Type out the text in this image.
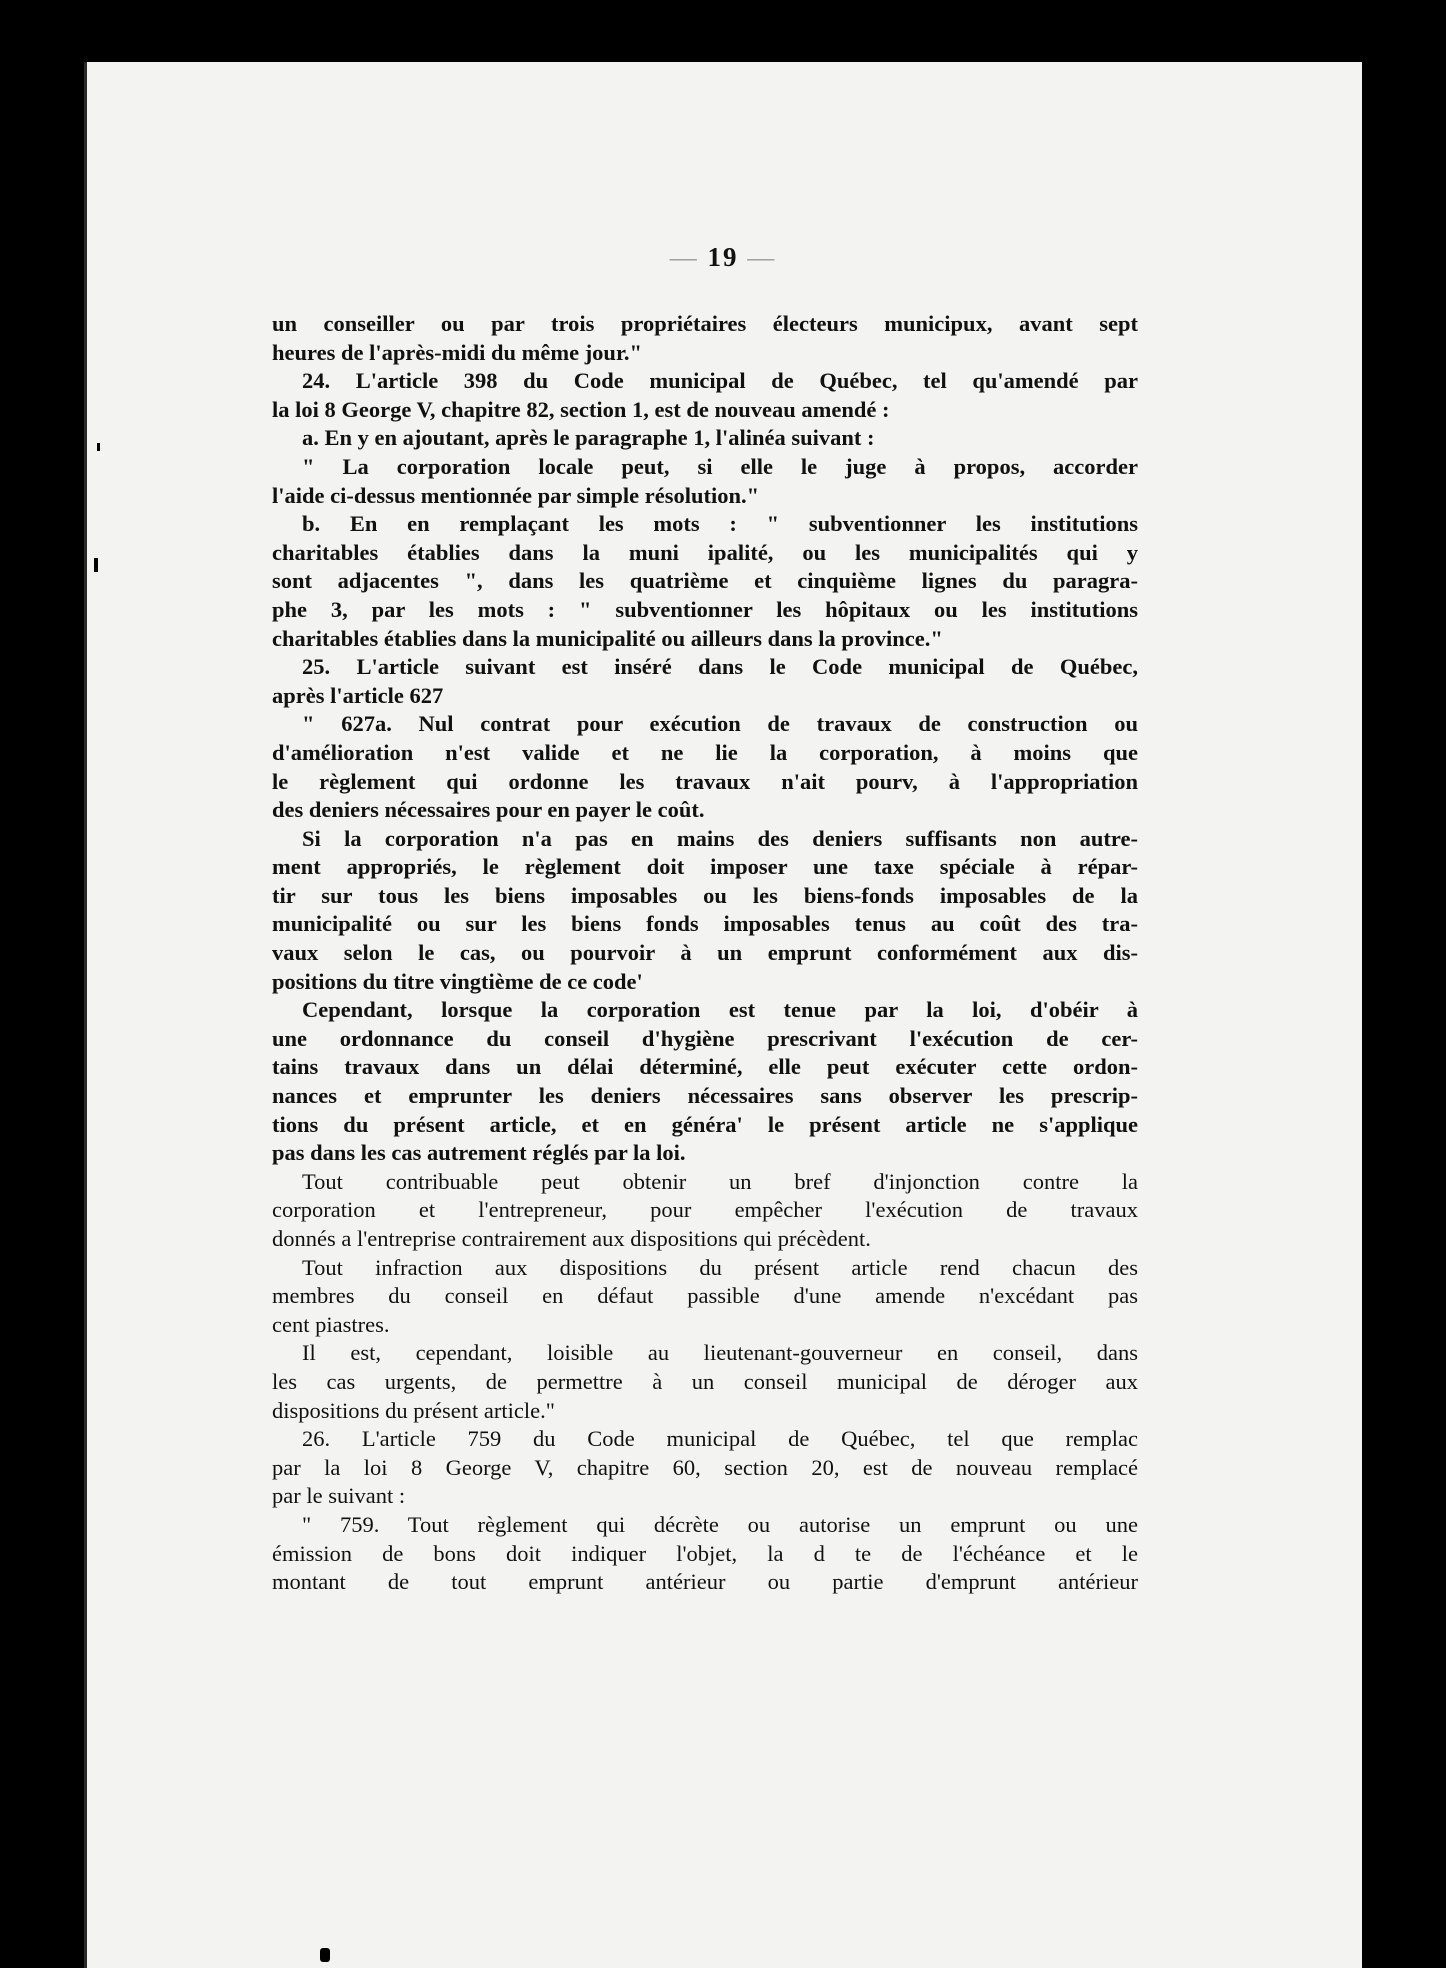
— 19 —
un conseiller ou par trois propriétaires électeurs municipux, avant sept
heures de l'après-midi du même jour."
24. L'article 398 du Code municipal de Québec, tel qu'amendé par
la loi 8 George V, chapitre 82, section 1, est de nouveau amendé :
a. En y en ajoutant, après le paragraphe 1, l'alinéa suivant :
" La corporation locale peut, si elle le juge à propos, accorder
l'aide ci-dessus mentionnée par simple résolution."
b. En en remplaçant les mots : " subventionner les institutions
charitables établies dans la muni ipalité, ou les municipalités qui y
sont adjacentes ", dans les quatrième et cinquième lignes du paragra-
phe 3, par les mots : " subventionner les hôpitaux ou les institutions
charitables établies dans la municipalité ou ailleurs dans la province."
25. L'article suivant est inséré dans le Code municipal de Québec,
après l'article 627
" 627a. Nul contrat pour exécution de travaux de construction ou
d'amélioration n'est valide et ne lie la corporation, à moins que
le règlement qui ordonne les travaux n'ait pourv, à l'appropriation
des deniers nécessaires pour en payer le coût.
Si la corporation n'a pas en mains des deniers suffisants non autre-
ment appropriés, le règlement doit imposer une taxe spéciale à répar-
tir sur tous les biens imposables ou les biens-fonds imposables de la
municipalité ou sur les biens fonds imposables tenus au coût des tra-
vaux selon le cas, ou pourvoir à un emprunt conformément aux dis-
positions du titre vingtième de ce code'
Cependant, lorsque la corporation est tenue par la loi, d'obéir à
une ordonnance du conseil d'hygiène prescrivant l'exécution de cer-
tains travaux dans un délai déterminé, elle peut exécuter cette ordon-
nances et emprunter les deniers nécessaires sans observer les prescrip-
tions du présent article, et en généra' le présent article ne s'applique
pas dans les cas autrement réglés par la loi.
Tout contribuable peut obtenir un bref d'injonction contre la
corporation et l'entrepreneur, pour empêcher l'exécution de travaux
donnés a l'entreprise contrairement aux dispositions qui précèdent.
Tout infraction aux dispositions du présent article rend chacun des
membres du conseil en défaut passible d'une amende n'excédant pas
cent piastres.
Il est, cependant, loisible au lieutenant-gouverneur en conseil, dans
les cas urgents, de permettre à un conseil municipal de déroger aux
dispositions du présent article."
26. L'article 759 du Code municipal de Québec, tel que remplac
par la loi 8 George V, chapitre 60, section 20, est de nouveau remplacé
par le suivant :
" 759. Tout règlement qui décrète ou autorise un emprunt ou une
émission de bons doit indiquer l'objet, la d te de l'échéance et le
montant de tout emprunt antérieur ou partie d'emprunt antérieur
